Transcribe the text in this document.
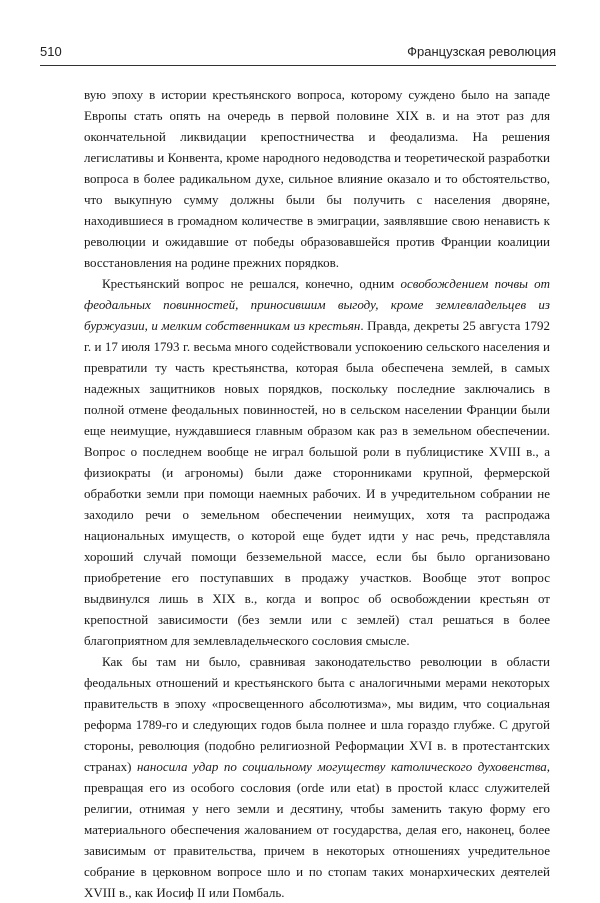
510	Французская революция

вую эпоху в истории крестьянского вопроса, которому суждено было на западе Европы стать опять на очередь в первой половине XIX в. и на этот раз для окончательной ликвидации крепостничества и феодализма. На решения легислативы и Конвента, кроме народного недоводства и теоретической разработки вопроса в более радикальном духе, сильное влияние оказало и то обстоятельство, что выкупную сумму должны были бы получить с населения дворяне, находившиеся в громадном количестве в эмиграции, заявлявшие свою ненависть к революции и ожидавшие от победы образовавшейся против Франции коалиции восстановления на родине прежних порядков.

Крестьянский вопрос не решался, конечно, одним освобождением почвы от феодальных повинностей, приносившим выгоду, кроме землевладельцев из буржуазии, и мелким собственникам из крестьян. Правда, декреты 25 августа 1792 г. и 17 июля 1793 г. весьма много содействовали успокоению сельского населения и превратили ту часть крестьянства, которая была обеспечена землей, в самых надежных защитников новых порядков, поскольку последние заключались в полной отмене феодальных повинностей, но в сельском населении Франции были еще неимущие, нуждавшиеся главным образом как раз в земельном обеспечении. Вопрос о последнем вообще не играл большой роли в публицистике XVIII в., а физиократы (и агрономы) были даже сторонниками крупной, фермерской обработки земли при помощи наемных рабочих. И в учредительном собрании не заходило речи о земельном обеспечении неимущих, хотя та распродажа национальных имуществ, о которой еще будет идти у нас речь, представляла хороший случай помощи безземельной массе, если бы было организовано приобретение его поступавших в продажу участков. Вообще этот вопрос выдвинулся лишь в XIX в., когда и вопрос об освобождении крестьян от крепостной зависимости (без земли или с землей) стал решаться в более благоприятном для землевладельческого сословия смысле.

Как бы там ни было, сравнивая законодательство революции в области феодальных отношений и крестьянского быта с аналогичными мерами некоторых правительств в эпоху «просвещенного абсолютизма», мы видим, что социальная реформа 1789-го и следующих годов была полнее и шла гораздо глубже. С другой стороны, революция (подобно религиозной Реформации XVI в. в протестантских странах) наносила удар по социальному могуществу католического духовенства, превращая его из особого сословия (orde или etat) в простой класс служителей религии, отнимая у него земли и десятину, чтобы заменить такую форму его материального обеспечения жалованием от государства, делая его, наконец, более зависимым от правительства, причем в некоторых отношениях учредительное собрание в церковном вопросе шло и по стопам таких монархических деятелей XVIII в., как Иосиф II или Помбаль.
